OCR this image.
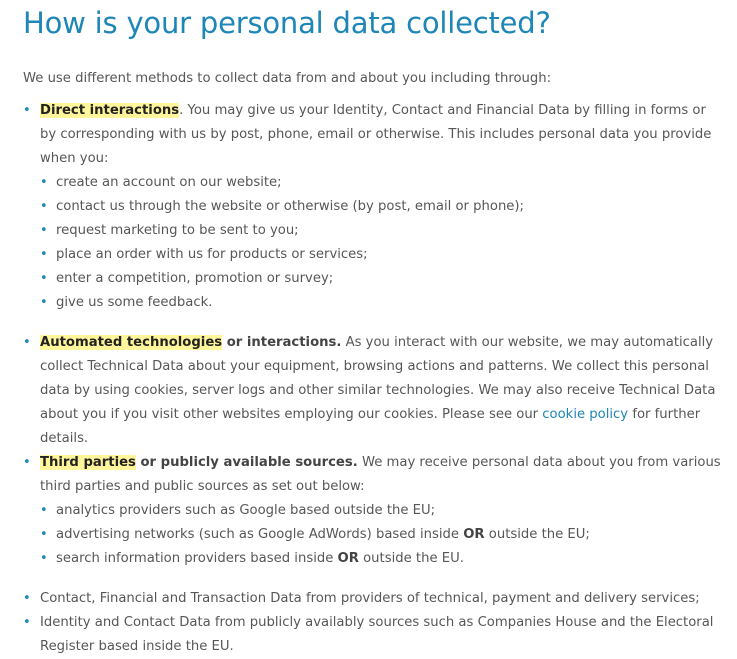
How is your personal data collected?

We use different methods to collect data from and about you including through:

• Direct interactions. You may give us your Identity, Contact and Financial Data by filling in forms or by corresponding with us by post, phone, email or otherwise. This includes personal data you provide when you:
• create an account on our website;
• contact us through the website or otherwise (by post, email or phone);
• request marketing to be sent to you;
• place an order with us for products or services;
• enter a competition, promotion or survey;
• give us some feedback.
• Automated technologies or interactions. As you interact with our website, we may automatically collect Technical Data about your equipment, browsing actions and patterns. We collect this personal data by using cookies, server logs and other similar technologies. We may also receive Technical Data about you if you visit other websites employing our cookies. Please see our cookie policy for further details.
• Third parties or publicly available sources. We may receive personal data about you from various third parties and public sources as set out below:
• analytics providers such as Google based outside the EU;
• advertising networks (such as Google AdWords) based inside OR outside the EU;
• search information providers based inside OR outside the EU.
• Contact, Financial and Transaction Data from providers of technical, payment and delivery services;
• Identity and Contact Data from publicly availably sources such as Companies House and the Electoral Register based inside the EU.
